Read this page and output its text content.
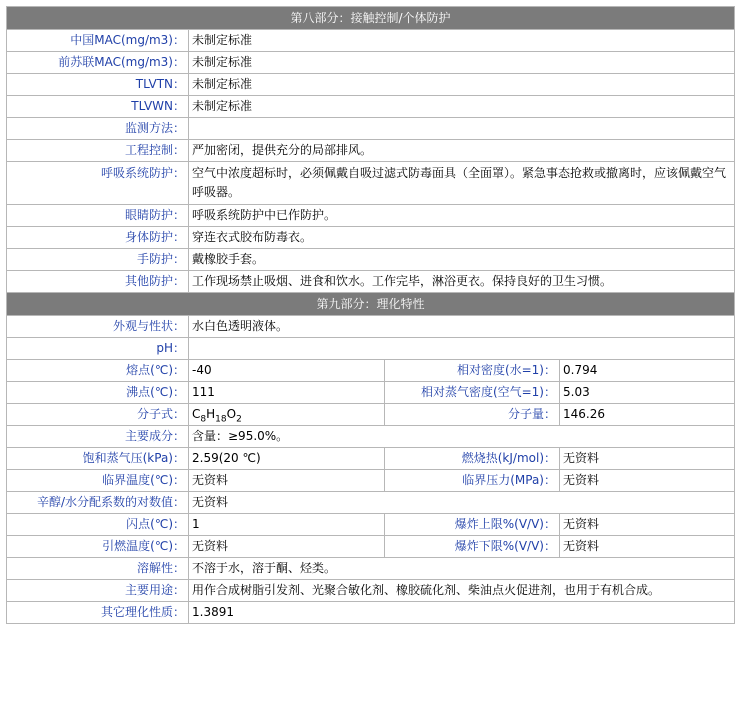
第八部分：接触控制/个体防护			
中国MAC(mg/m3)：	未制定标准		
前苏联MAC(mg/m3)：	未制定标准		
TLVTN：	未制定标准		
TLVWN：	未制定标准		
监测方法：			
工程控制：	严加密闭，提供充分的局部排风。		
呼吸系统防护：	空气中浓度超标时，必须佩戴自吸过滤式防毒面具（全面罩）。紧急事态抢救或撤离时，应该佩戴空气呼吸器。		
眼睛防护：	呼吸系统防护中已作防护。		
身体防护：	穿连衣式胶布防毒衣。		
手防护：	戴橡胶手套。		
其他防护：	工作现场禁止吸烟、进食和饮水。工作完毕，淋浴更衣。保持良好的卫生习惯。		
第九部分：理化特性			
外观与性状：	水白色透明液体。		
pH：			
熔点(℃)：	-40	相对密度(水=1)：	0.794
沸点(℃)：	111	相对蒸气密度(空气=1)：	5.03
分子式：	$C_8H_{18}O_2$	分子量：	146.26
主要成分：	含量：≥95.0%。		
饱和蒸气压(kPa)：	2.59(20 ℃)	燃烧热(kJ/mol)：	无资料
临界温度(℃)：	无资料	临界压力(MPa)：	无资料
辛醇/水分配系数的对数值：	无资料		
闪点(℃)：	1	爆炸上限%(V/V)：	无资料
引燃温度(℃)：	无资料	爆炸下限%(V/V)：	无资料
溶解性：	不溶于水，溶于酮、烃类。		
主要用途：	用作合成树脂引发剂、光聚合敏化剂、橡胶硫化剂、柴油点火促进剂，也用于有机合成。		
其它理化性质：	1.3891		
